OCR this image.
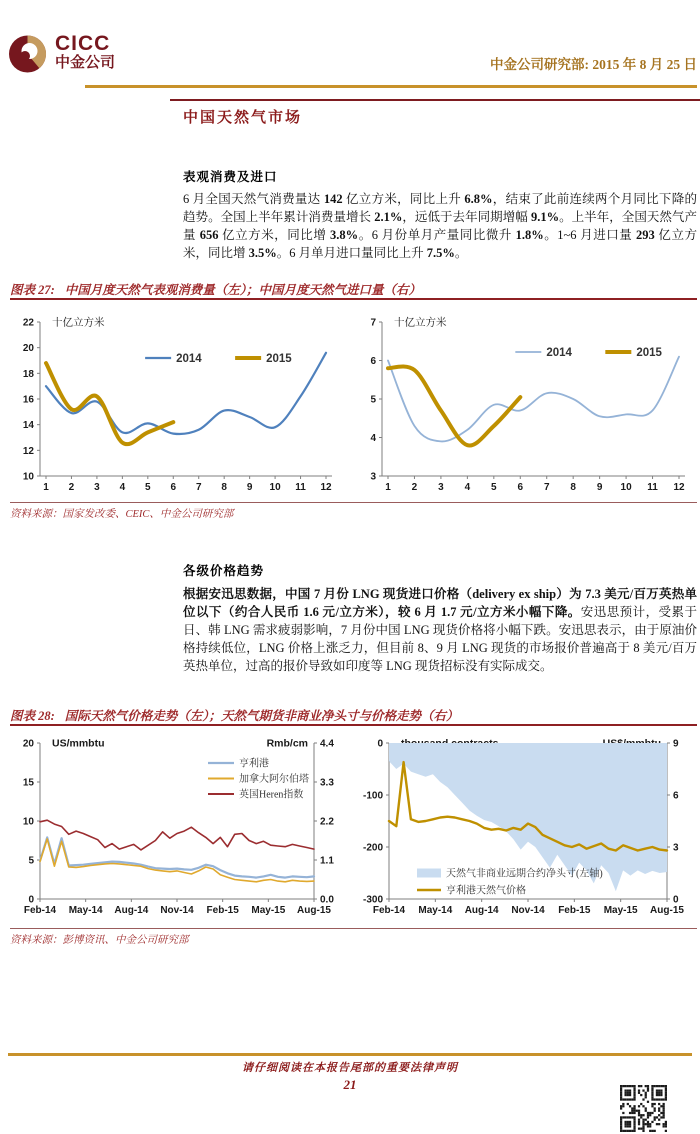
CICC
中金公司	中金公司研究部: 2015 年 8 月 25 日
中国天然气市场
表观消费及进口

6 月全国天然气消费量达 142 亿立方米，同比上升 6.8%，结束了此前连续两个月同比下降的趋势。全国上半年累计消费量增长 2.1%，远低于去年同期增幅 9.1%。上半年，全国天然气产量 656 亿立方米，同比增 3.8%。6 月份单月产量同比微升 1.8%。1~6 月进口量 293 亿立方米，同比增 3.5%。6 月单月进口量同比上升 7.5%。

图表 27: 中国月度天然气表观消费量（左）；中国月度天然气进口量（右）
10
12
14
16
18
20
22
1 2 3 4 5 6 7 8 9 10 11 12
十亿立方米
2014	2015
3
4
5
6
7
1 2 3 4 5 6 7 8 9 10 11 12
十亿立方米
2014	2015
资料来源：国家发改委、CEIC、中金公司研究部
各级价格趋势

根据安迅思数据，中国 7 月份 LNG 现货进口价格（delivery ex ship）为 7.3 美元/百万英热单位以下（约合人民币 1.6 元/立方米），较 6 月 1.7 元/立方米小幅下降。安迅思预计，受累于日、韩 LNG 需求疲弱影响，7 月份中国 LNG 现货价格将小幅下跌。安迅思表示，由于原油价格持续低位，LNG 价格上涨乏力，但目前 8、9 月 LNG 现货的市场报价普遍高于 8 美元/百万英热单位，过高的报价导致如印度等 LNG 现货招标没有实际成交。

图表 28: 国际天然气价格走势（左）；天然气期货非商业净头寸与价格走势（右）
0
5
10
15
20
0.0
1.1
2.2
3.3
4.4
Feb-14 May-14 Aug-14 Nov-14 Feb-15 May-15 Aug-15
US/mmbtu	Rmb/cm
亨利港
加拿大阿尔伯塔
英国Heren指数
0
-100
-200
-300
9
6
3
0
Feb-14 May-14 Aug-14 Nov-14 Feb-15 May-15 Aug-15
天然气非商业远期合约净头寸(左轴)
亨利港天然气价格
资料来源：彭博资讯、中金公司研究部
请仔细阅读在本报告尾部的重要法律声明
21
